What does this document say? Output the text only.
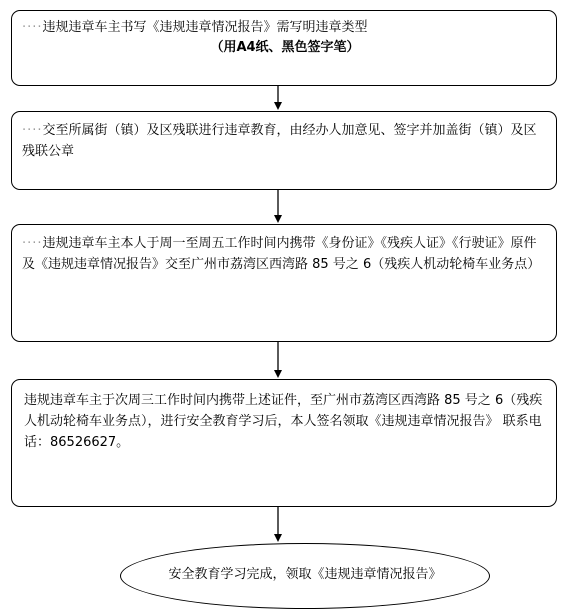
····违规违章车主书写《违规违章情况报告》需写明违章类型
（用A4纸、黑色签字笔）
····交至所属街（镇）及区残联进行违章教育，由经办人加意见、签字并加盖街（镇）及区残联公章
····违规违章车主本人于周一至周五工作时间内携带《身份证》《残疾人证》《行驶证》原件及《违规违章情况报告》交至广州市荔湾区西湾路 85 号之 6（残疾人机动轮椅车业务点）
违规违章车主于次周三工作时间内携带上述证件，至广州市荔湾区西湾路 85 号之 6（残疾人机动轮椅车业务点），进行安全教育学习后，本人签名领取《违规违章情况报告》 联系电话：86526627。
安全教育学习完成，领取《违规违章情况报告》
